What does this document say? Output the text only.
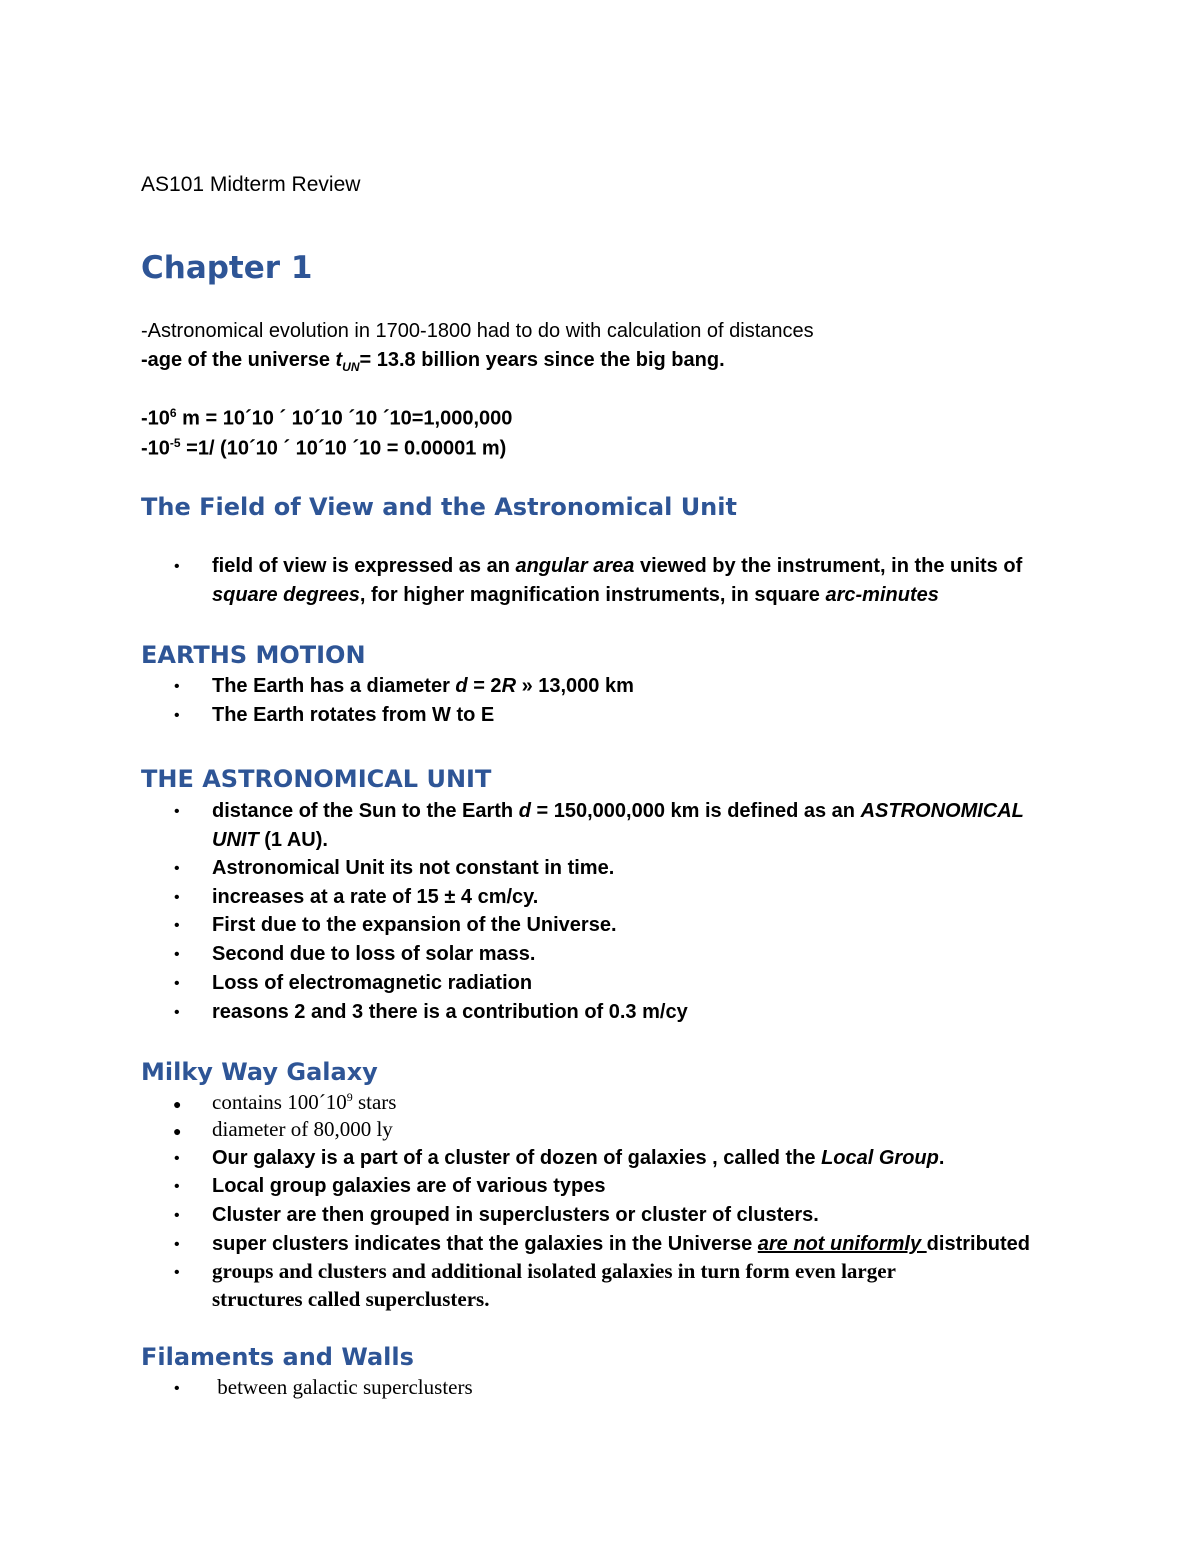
AS101 Midterm Review
Chapter 1
-Astronomical evolution in 1700-1800 had to do with calculation of distances
-age of the universe $t_{UN}= 13.8$ billion years since the big bang.
$-10^6$ m = 10´10 ´ 10´10 ´10 ´10=1,000,000
$-10^{-5} =1/$ (10´10 ´ 10´10 ´10 = 0.00001 m)
The Field of View and the Astronomical Unit
• field of view is expressed as an angular area viewed by the instrument, in the units of
square degrees, for higher magnification instruments, in square arc-minutes
EARTHS MOTION
• The Earth has a diameter d = 2R » 13,000 km
• The Earth rotates from W to E
THE ASTRONOMICAL UNIT
• distance of the Sun to the Earth d = 150,000,000 km is defined as an ASTRONOMICAL
UNIT (1 AU).
• Astronomical Unit its not constant in time.
• increases at a rate of 15 ± 4 cm/cy.
• First due to the expansion of the Universe.
• Second due to loss of solar mass.
• Loss of electromagnetic radiation
• reasons 2 and 3 there is a contribution of 0.3 m/cy
Milky Way Galaxy
● contains $100´10^9$ stars
● diameter of 80,000 ly
• Our galaxy is a part of a cluster of dozen of galaxies , called the Local Group.
• Local group galaxies are of various types
• Cluster are then grouped in superclusters or cluster of clusters.
• super clusters indicates that the galaxies in the Universe are not uniformly distributed
• groups and clusters and additional isolated galaxies in turn form even larger
structures called superclusters.
Filaments and Walls
• between galactic superclusters
